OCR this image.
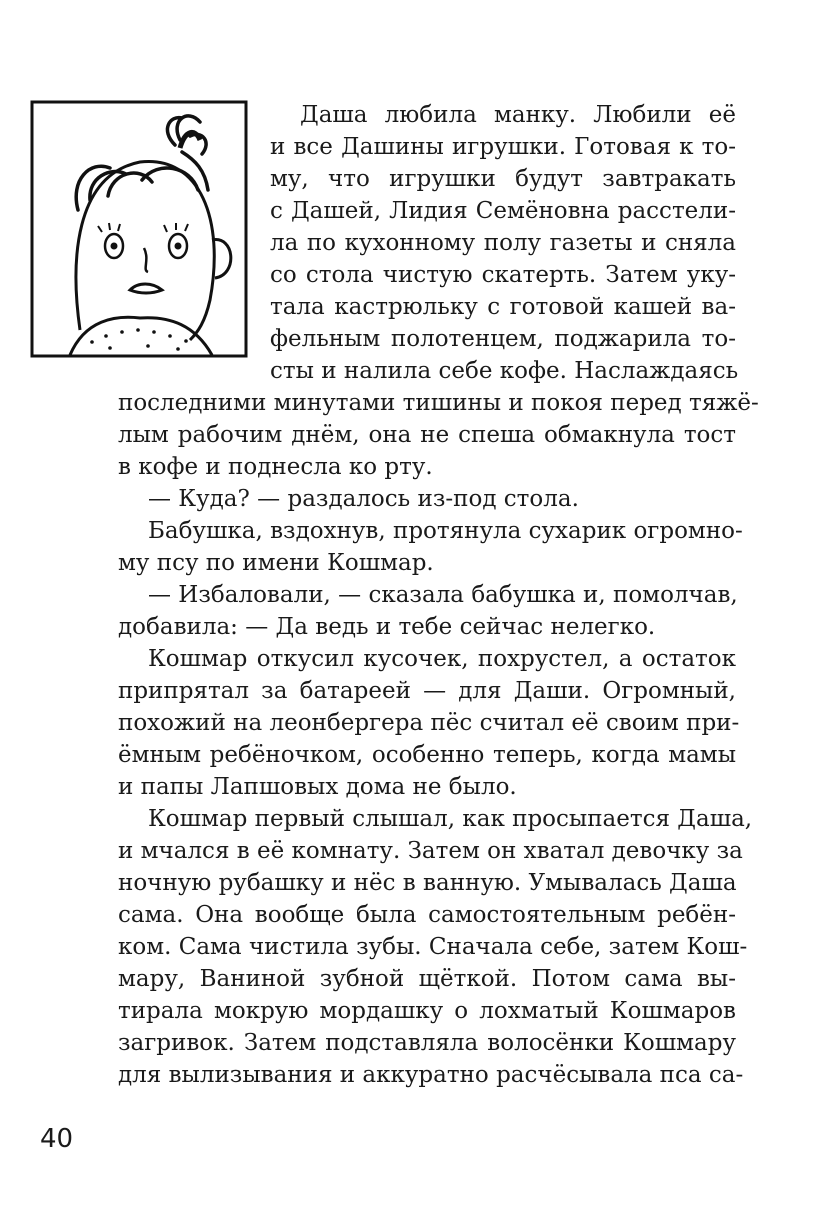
Даша любила манку. Любили её
и все Дашины игрушки. Готовая к то-
му, что игрушки будут завтракать
с Дашей, Лидия Семёновна расстели-
ла по кухонному полу газеты и сняла
со стола чистую скатерть. Затем уку-
тала кастрюльку с готовой кашей ва-
фельным полотенцем, поджарила то-
сты и налила себе кофе. Наслаждаясь
последними минутами тишины и покоя перед тяжё-
лым рабочим днём, она не спеша обмакнула тост
в кофе и поднесла ко рту.
— Куда? — раздалось из-под стола.
Бабушка, вздохнув, протянула сухарик огромно-
му псу по имени Кошмар.
— Избаловали, — сказала бабушка и, помолчав,
добавила: — Да ведь и тебе сейчас нелегко.
Кошмар откусил кусочек, похрустел, а остаток
припрятал за батареей — для Даши. Огромный,
похожий на леонбергера пёс считал её своим при-
ёмным ребёночком, особенно теперь, когда мамы
и папы Лапшовых дома не было.
Кошмар первый слышал, как просыпается Даша,
и мчался в её комнату. Затем он хватал девочку за
ночную рубашку и нёс в ванную. Умывалась Даша
сама. Она вообще была самостоятельным ребён-
ком. Сама чистила зубы. Сначала себе, затем Кош-
мару, Ваниной зубной щёткой. Потом сама вы-
тирала мокрую мордашку о лохматый Кошмаров
загривок. Затем подставляла волосёнки Кошмару
для вылизывания и аккуратно расчёсывала пса са-
40
